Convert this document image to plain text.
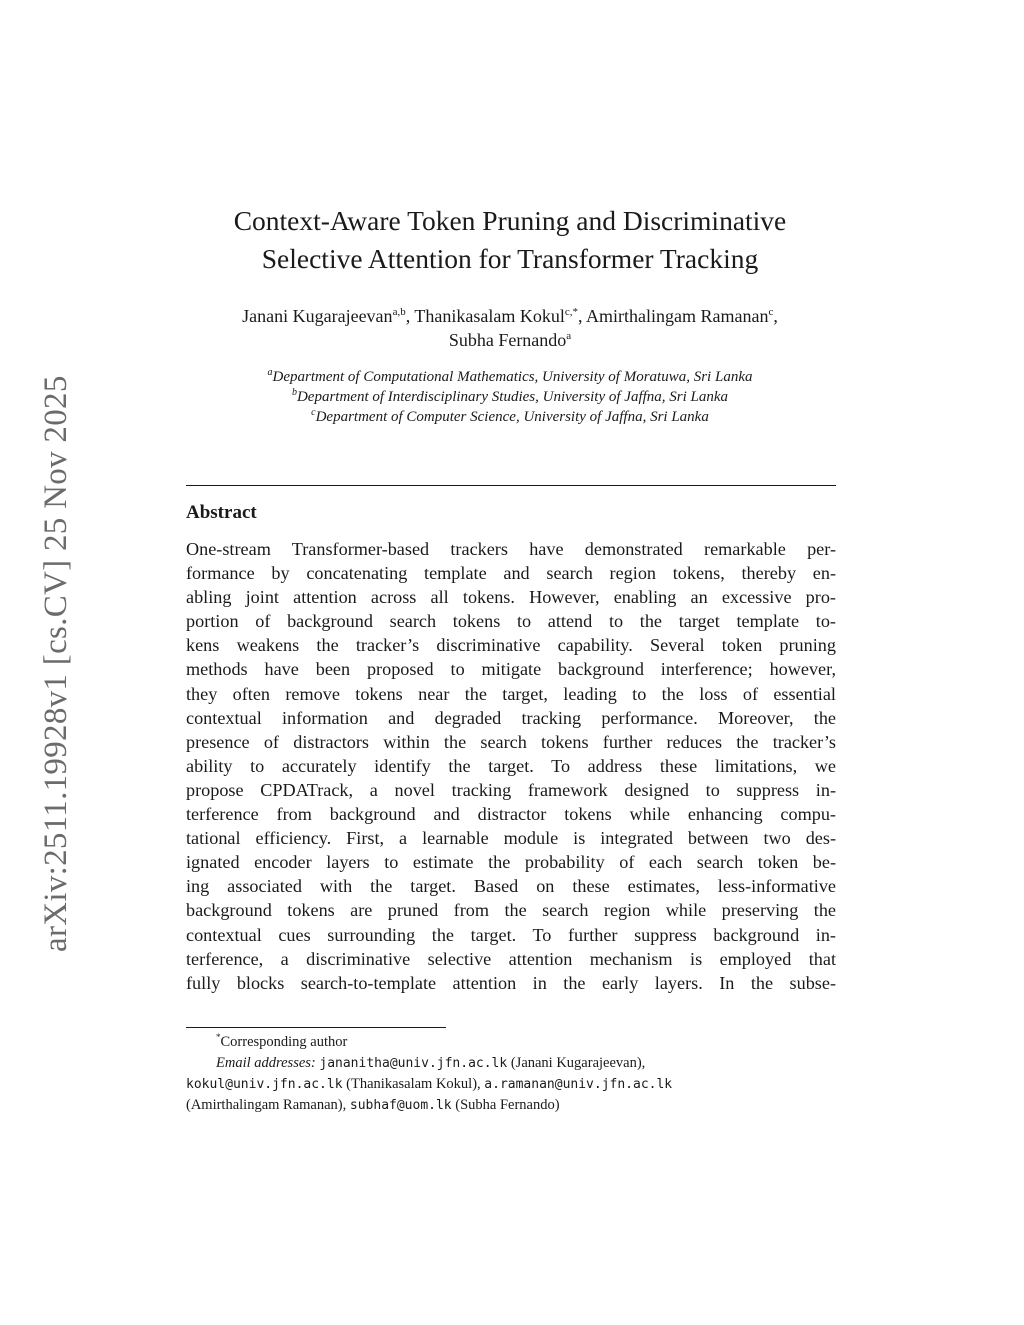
arXiv:2511.19928v1 [cs.CV] 25 Nov 2025
Context-Aware Token Pruning and Discriminative
Selective Attention for Transformer Tracking
Janani Kugarajeevan$^{a,b}$, Thanikasalam Kokul$^{c,*}$, Amirthalingam Ramanan$^c$,
Subha Fernando$^a$
$^a$Department of Computational Mathematics, University of Moratuwa, Sri Lanka
$^b$Department of Interdisciplinary Studies, University of Jaffna, Sri Lanka
$^c$Department of Computer Science, University of Jaffna, Sri Lanka
Abstract
One-stream Transformer-based trackers have demonstrated remarkable per-
formance by concatenating template and search region tokens, thereby en-
abling joint attention across all tokens. However, enabling an excessive pro-
portion of background search tokens to attend to the target template to-
kens weakens the tracker’s discriminative capability. Several token pruning
methods have been proposed to mitigate background interference; however,
they often remove tokens near the target, leading to the loss of essential
contextual information and degraded tracking performance. Moreover, the
presence of distractors within the search tokens further reduces the tracker’s
ability to accurately identify the target. To address these limitations, we
propose CPDATrack, a novel tracking framework designed to suppress in-
terference from background and distractor tokens while enhancing compu-
tational efficiency. First, a learnable module is integrated between two des-
ignated encoder layers to estimate the probability of each search token be-
ing associated with the target. Based on these estimates, less-informative
background tokens are pruned from the search region while preserving the
contextual cues surrounding the target. To further suppress background in-
terference, a discriminative selective attention mechanism is employed that
fully blocks search-to-template attention in the early layers. In the subse-
*Corresponding author
Email addresses: jananitha@univ.jfn.ac.lk (Janani Kugarajeevan),
kokul@univ.jfn.ac.lk (Thanikasalam Kokul), a.ramanan@univ.jfn.ac.lk
(Amirthalingam Ramanan), subhaf@uom.lk (Subha Fernando)
